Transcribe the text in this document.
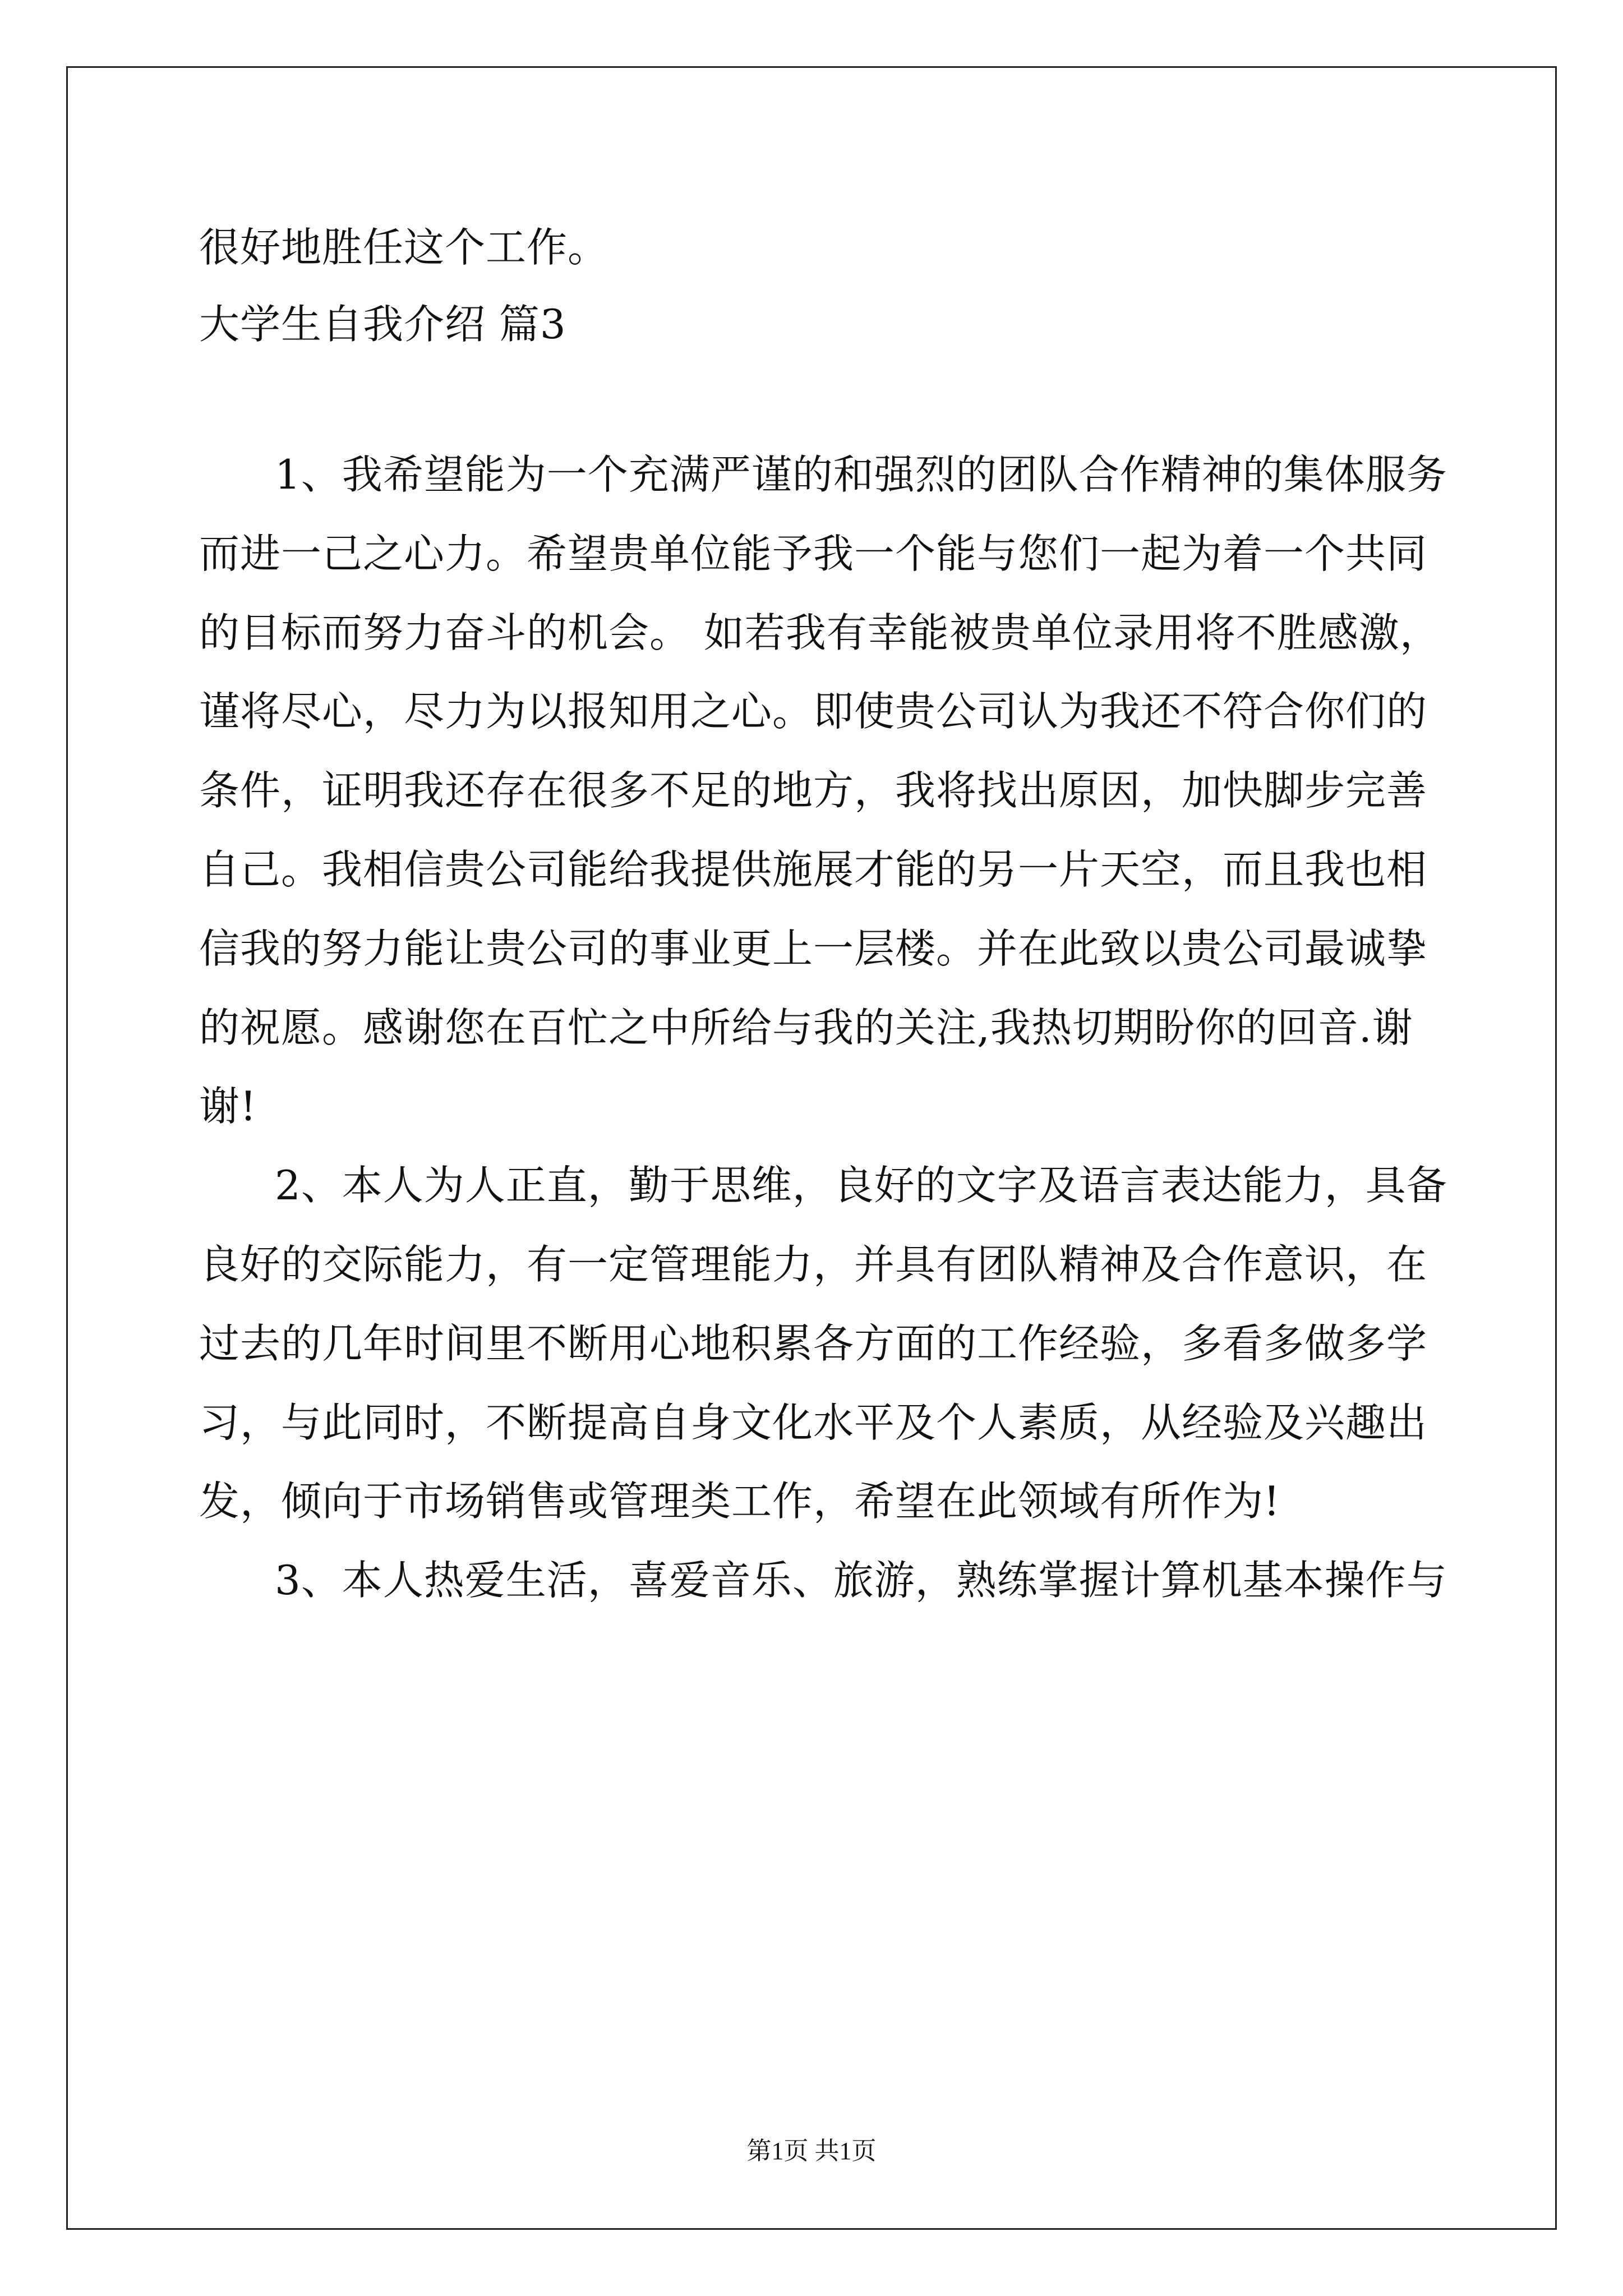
很好地胜任这个工作。
大学生自我介绍 篇3
1、我希望能为一个充满严谨的和强烈的团队合作精神的集体服务
而进一己之心力。希望贵单位能予我一个能与您们一起为着一个共同
的目标而努力奋斗的机会。 如若我有幸能被贵单位录用将不胜感激，
谨将尽心，尽力为以报知用之心。即使贵公司认为我还不符合你们的
条件，证明我还存在很多不足的地方，我将找出原因，加快脚步完善
自己。我相信贵公司能给我提供施展才能的另一片天空，而且我也相
信我的努力能让贵公司的事业更上一层楼。并在此致以贵公司最诚挚
的祝愿。感谢您在百忙之中所给与我的关注,我热切期盼你的回音.谢
谢!
2、本人为人正直，勤于思维，良好的文字及语言表达能力，具备
良好的交际能力，有一定管理能力，并具有团队精神及合作意识，在
过去的几年时间里不断用心地积累各方面的工作经验，多看多做多学
习，与此同时，不断提高自身文化水平及个人素质，从经验及兴趣出
发，倾向于市场销售或管理类工作，希望在此领域有所作为!
3、本人热爱生活，喜爱音乐、旅游，熟练掌握计算机基本操作与
第1页 共1页
